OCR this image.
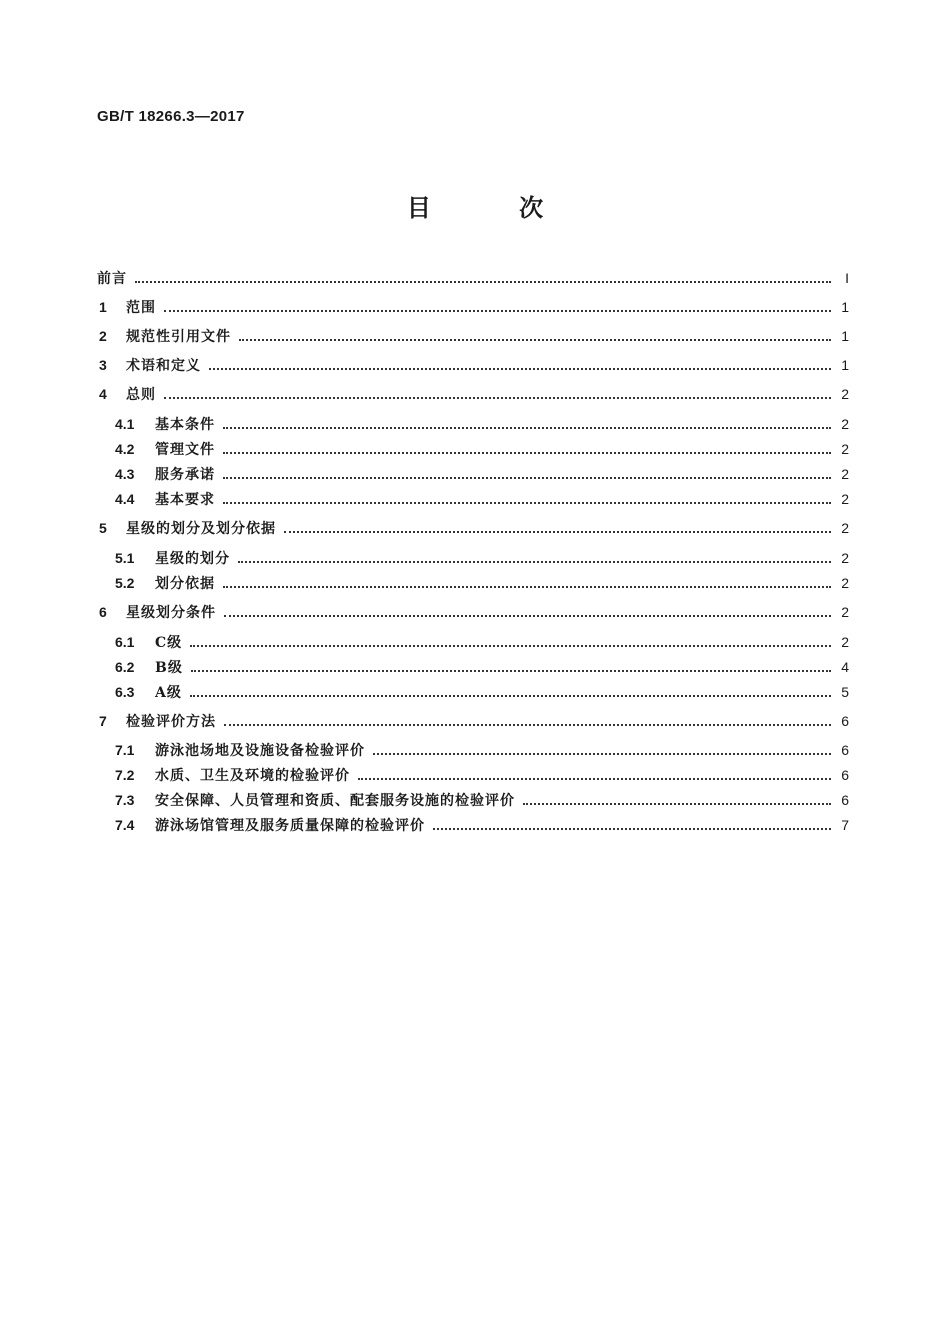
GB/T 18266.3—2017
目 次
前言	I
1	范围	1
2	规范性引用文件	1
3	术语和定义	1
4	总则	2
4.1	基本条件	2
4.2	管理文件	2
4.3	服务承诺	2
4.4	基本要求	2
5	星级的划分及划分依据	2
5.1	星级的划分	2
5.2	划分依据	2
6	星级划分条件	2
6.1	C级	2
6.2	B级	4
6.3	A级	5
7	检验评价方法	6
7.1	游泳池场地及设施设备检验评价	6
7.2	水质、卫生及环境的检验评价	6
7.3	安全保障、人员管理和资质、配套服务设施的检验评价	6
7.4	游泳场馆管理及服务质量保障的检验评价	7
